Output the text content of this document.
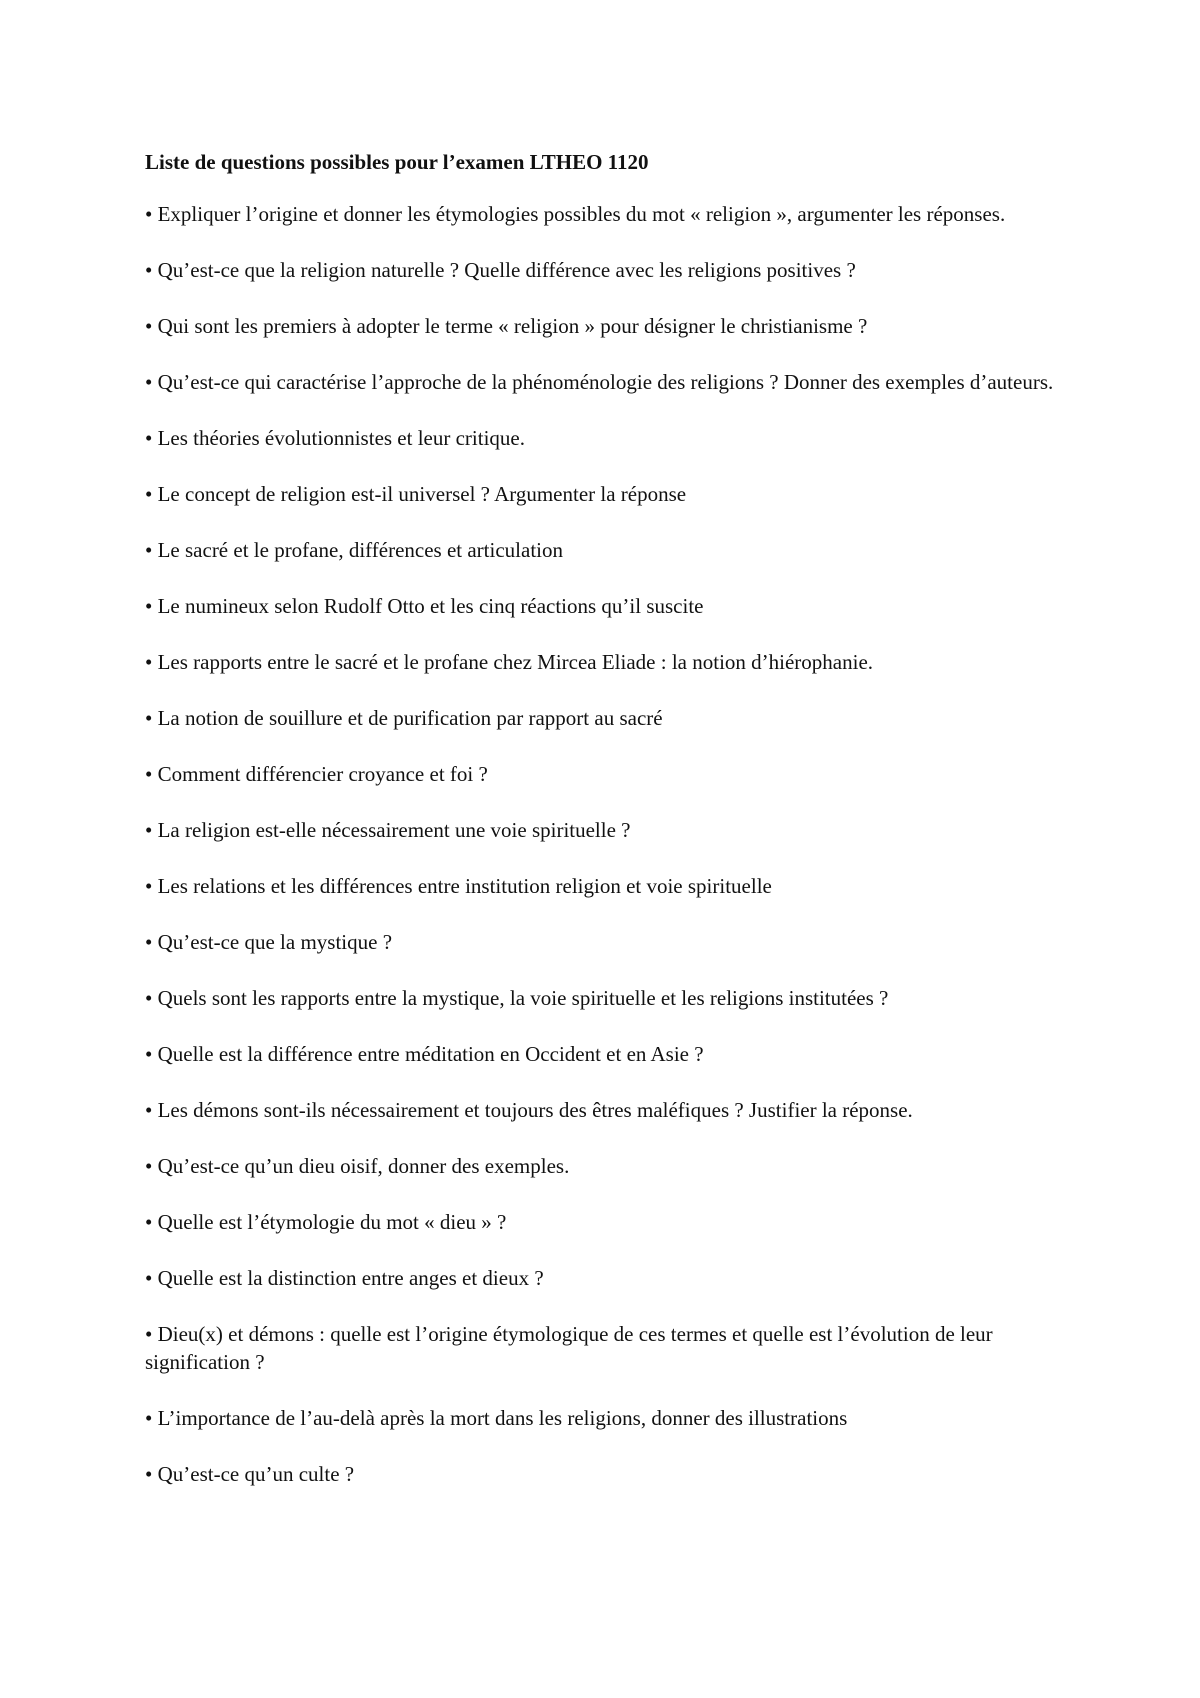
Liste de questions possibles pour l’examen LTHEO 1120
• Expliquer l’origine et donner les étymologies possibles du mot « religion », argumenter les réponses.
• Qu’est-ce que la religion naturelle ? Quelle différence avec les religions positives ?
• Qui sont les premiers à adopter le terme « religion » pour désigner le christianisme ?
• Qu’est-ce qui caractérise l’approche de la phénoménologie des religions ? Donner des exemples d’auteurs.
• Les théories évolutionnistes et leur critique.
• Le concept de religion est-il universel ? Argumenter la réponse
• Le sacré et le profane, différences et articulation
• Le numineux selon Rudolf Otto et les cinq réactions qu’il suscite
• Les rapports entre le sacré et le profane chez Mircea Eliade : la notion d’hiérophanie.
• La notion de souillure et de purification par rapport au sacré
• Comment différencier croyance et foi ?
• La religion est-elle nécessairement une voie spirituelle ?
• Les relations et les différences entre institution religion et voie spirituelle
• Qu’est-ce que la mystique ?
• Quels sont les rapports entre la mystique, la voie spirituelle et les religions institutées ?
• Quelle est la différence entre méditation en Occident et en Asie ?
• Les démons sont-ils nécessairement et toujours des êtres maléfiques ? Justifier la réponse.
• Qu’est-ce qu’un dieu oisif, donner des exemples.
• Quelle est l’étymologie du mot « dieu » ?
• Quelle est la distinction entre anges et dieux ?
• Dieu(x) et démons : quelle est l’origine étymologique de ces termes et quelle est l’évolution de leur signification ?
• L’importance de l’au-delà après la mort dans les religions, donner des illustrations
• Qu’est-ce qu’un culte ?
